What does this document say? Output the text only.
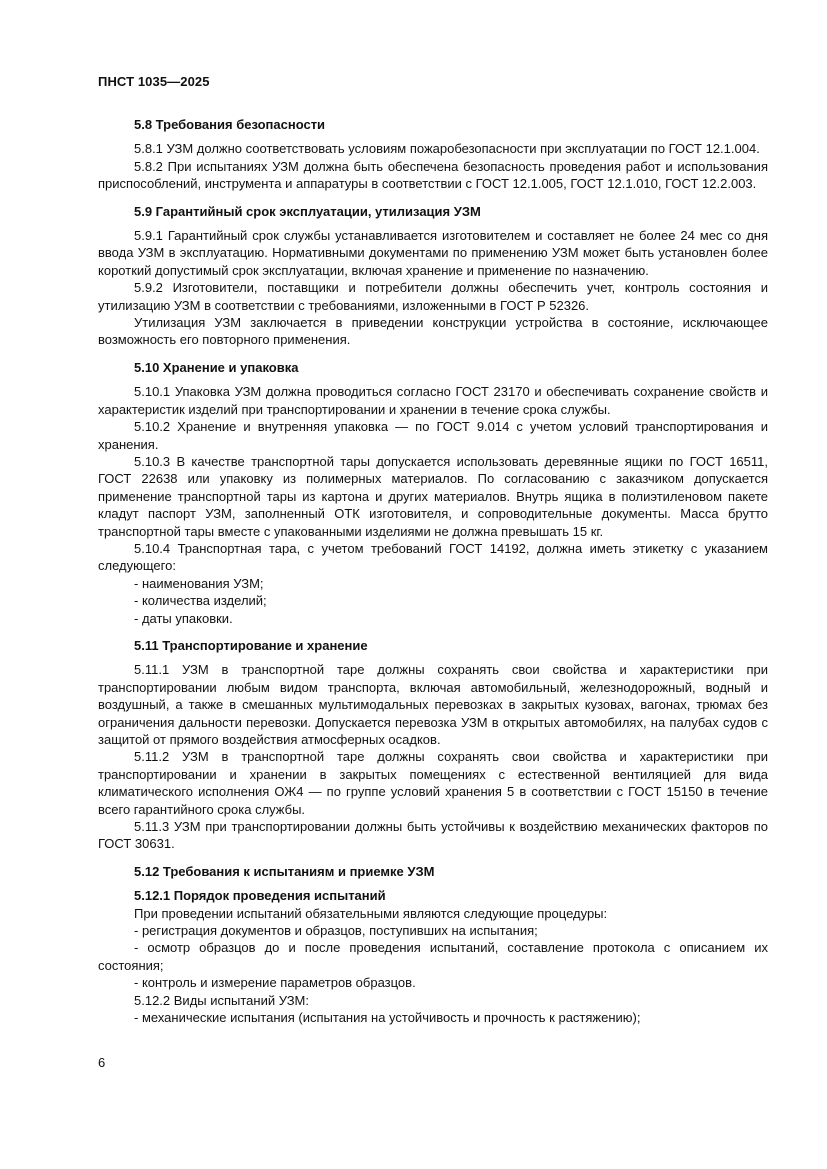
ПНСТ 1035—2025
5.8 Требования безопасности

5.8.1 УЗМ должно соответствовать условиям пожаробезопасности при эксплуатации по ГОСТ 12.1.004.

5.8.2 При испытаниях УЗМ должна быть обеспечена безопасность проведения работ и использования приспособлений, инструмента и аппаратуры в соответствии с ГОСТ 12.1.005, ГОСТ 12.1.010, ГОСТ 12.2.003.

5.9 Гарантийный срок эксплуатации, утилизация УЗМ

5.9.1 Гарантийный срок службы устанавливается изготовителем и составляет не более 24 мес со дня ввода УЗМ в эксплуатацию. Нормативными документами по применению УЗМ может быть установлен более короткий допустимый срок эксплуатации, включая хранение и применение по назначению.

5.9.2 Изготовители, поставщики и потребители должны обеспечить учет, контроль состояния и утилизацию УЗМ в соответствии с требованиями, изложенными в ГОСТ Р 52326.

Утилизация УЗМ заключается в приведении конструкции устройства в состояние, исключающее возможность его повторного применения.

5.10 Хранение и упаковка

5.10.1 Упаковка УЗМ должна проводиться согласно ГОСТ 23170 и обеспечивать сохранение свойств и характеристик изделий при транспортировании и хранении в течение срока службы.

5.10.2 Хранение и внутренняя упаковка — по ГОСТ 9.014 с учетом условий транспортирования и хранения.

5.10.3 В качестве транспортной тары допускается использовать деревянные ящики по ГОСТ 16511, ГОСТ 22638 или упаковку из полимерных материалов. По согласованию с заказчиком допускается применение транспортной тары из картона и других материалов. Внутрь ящика в полиэтиленовом пакете кладут паспорт УЗМ, заполненный ОТК изготовителя, и сопроводительные документы. Масса брутто транспортной тары вместе с упакованными изделиями не должна превышать 15 кг.

5.10.4 Транспортная тара, с учетом требований ГОСТ 14192, должна иметь этикетку с указанием следующего:

- наименования УЗМ;

- количества изделий;

- даты упаковки.

5.11 Транспортирование и хранение

5.11.1 УЗМ в транспортной таре должны сохранять свои свойства и характеристики при транспортировании любым видом транспорта, включая автомобильный, железнодорожный, водный и воздушный, а также в смешанных мультимодальных перевозках в закрытых кузовах, вагонах, трюмах без ограничения дальности перевозки. Допускается перевозка УЗМ в открытых автомобилях, на палубах судов с защитой от прямого воздействия атмосферных осадков.

5.11.2 УЗМ в транспортной таре должны сохранять свои свойства и характеристики при транспортировании и хранении в закрытых помещениях с естественной вентиляцией для вида климатического исполнения ОЖ4 — по группе условий хранения 5 в соответствии с ГОСТ 15150 в течение всего гарантийного срока службы.

5.11.3 УЗМ при транспортировании должны быть устойчивы к воздействию механических факторов по ГОСТ 30631.

5.12 Требования к испытаниям и приемке УЗМ
5.12.1 Порядок проведения испытаний

При проведении испытаний обязательными являются следующие процедуры:

- регистрация документов и образцов, поступивших на испытания;

- осмотр образцов до и после проведения испытаний, составление протокола с описанием их состояния;

- контроль и измерение параметров образцов.

5.12.2 Виды испытаний УЗМ:

- механические испытания (испытания на устойчивость и прочность к растяжению);

6
